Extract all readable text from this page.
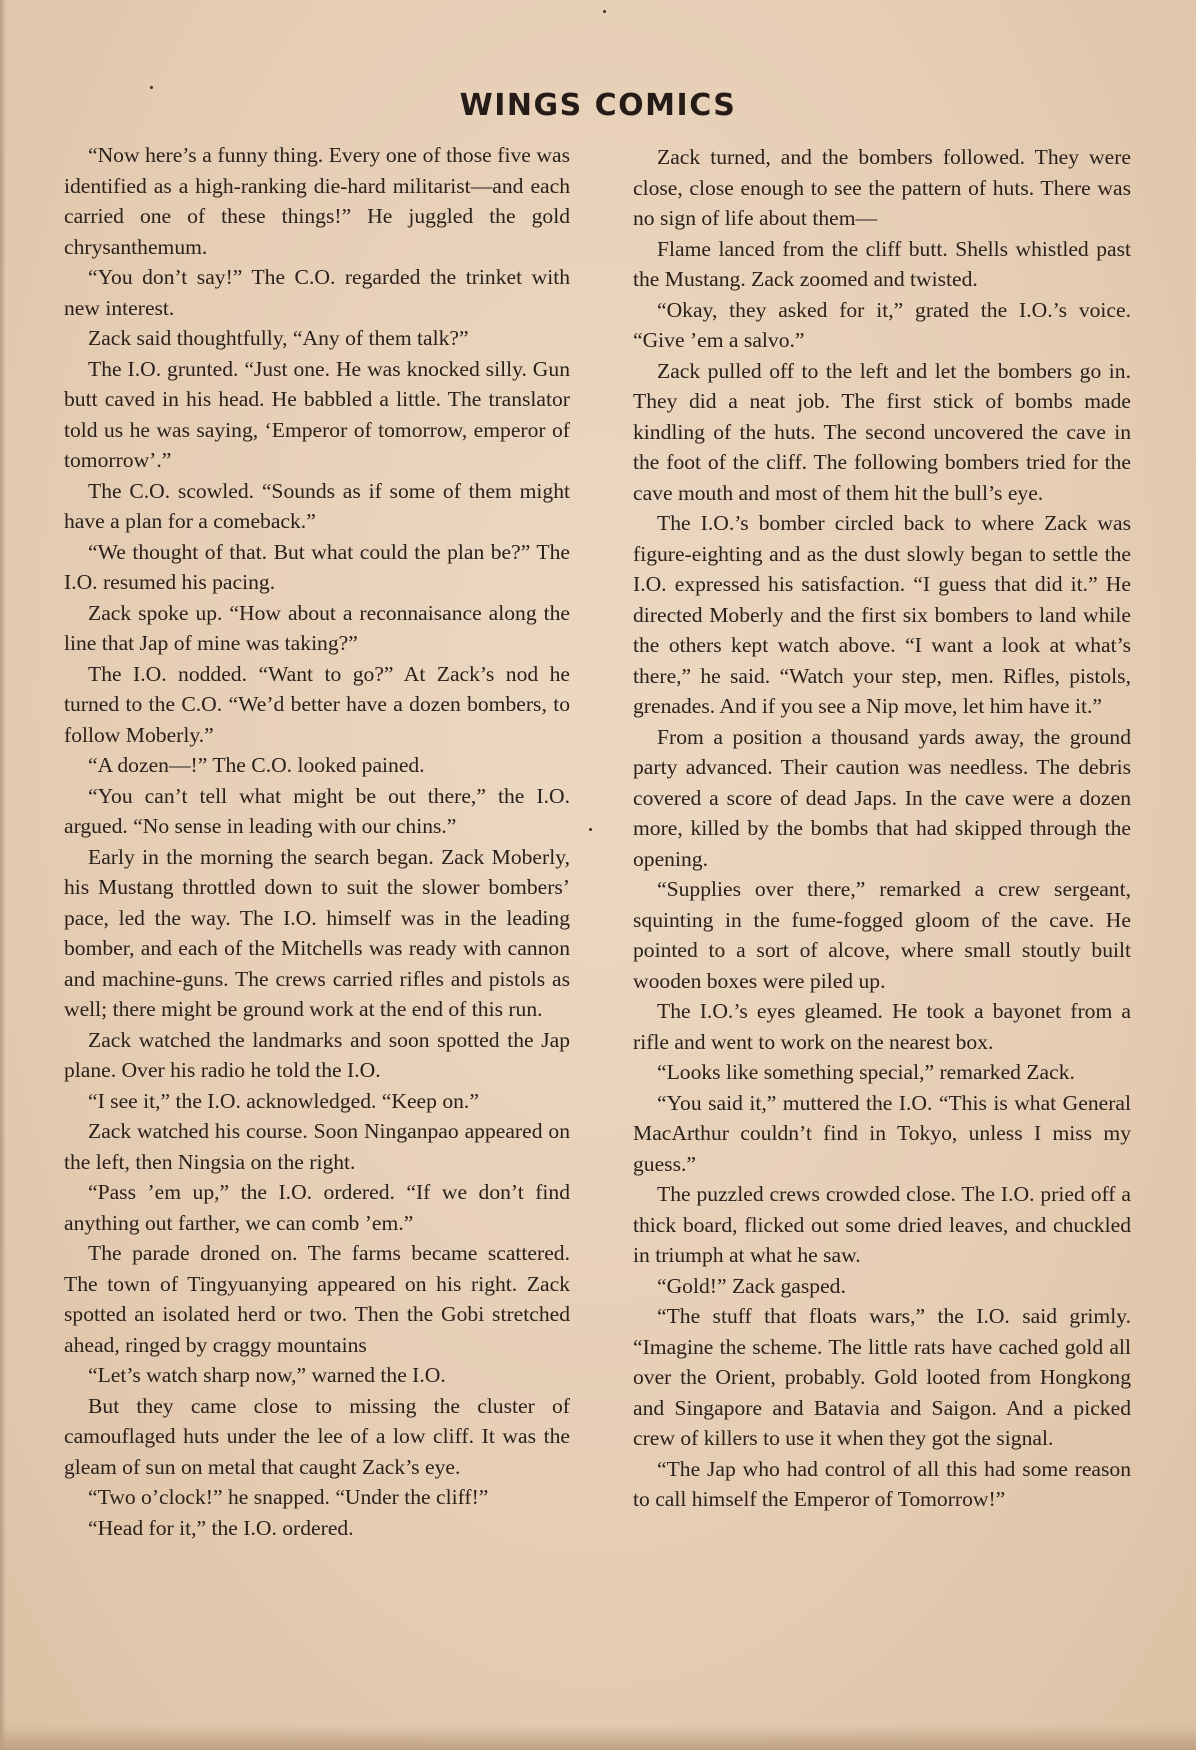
WINGS COMICS

“Now here’s a funny thing. Every one of those five was identified as a high-ranking die-hard militarist—and each carried one of these things!” He juggled the gold chrysanthemum.

“You don’t say!” The C.O. regarded the trinket with new interest.

Zack said thoughtfully, “Any of them talk?”

The I.O. grunted. “Just one. He was knocked silly. Gun butt caved in his head. He babbled a little. The translator told us he was saying, ‘Emperor of tomorrow, emperor of tomorrow’.”

The C.O. scowled. “Sounds as if some of them might have a plan for a comeback.”

“We thought of that. But what could the plan be?” The I.O. resumed his pacing.

Zack spoke up. “How about a reconnaisance along the line that Jap of mine was taking?”

The I.O. nodded. “Want to go?” At Zack’s nod he turned to the C.O. “We’d better have a dozen bombers, to follow Moberly.”

“A dozen—!” The C.O. looked pained.

“You can’t tell what might be out there,” the I.O. argued. “No sense in leading with our chins.”

Early in the morning the search began. Zack Moberly, his Mustang throttled down to suit the slower bombers’ pace, led the way. The I.O. himself was in the leading bomber, and each of the Mitchells was ready with cannon and machine-guns. The crews carried rifles and pistols as well; there might be ground work at the end of this run.

Zack watched the landmarks and soon spotted the Jap plane. Over his radio he told the I.O.

“I see it,” the I.O. acknowledged. “Keep on.”

Zack watched his course. Soon Ninganpao appeared on the left, then Ningsia on the right.

“Pass ’em up,” the I.O. ordered. “If we don’t find anything out farther, we can comb ’em.”

The parade droned on. The farms became scattered. The town of Tingyuanying appeared on his right. Zack spotted an isolated herd or two. Then the Gobi stretched ahead, ringed by craggy mountains

“Let’s watch sharp now,” warned the I.O.

But they came close to missing the cluster of camouflaged huts under the lee of a low cliff. It was the gleam of sun on metal that caught Zack’s eye.

“Two o’clock!” he snapped. “Under the cliff!”

“Head for it,” the I.O. ordered.

Zack turned, and the bombers followed. They were close, close enough to see the pattern of huts. There was no sign of life about them—

Flame lanced from the cliff butt. Shells whistled past the Mustang. Zack zoomed and twisted.

“Okay, they asked for it,” grated the I.O.’s voice. “Give ’em a salvo.”

Zack pulled off to the left and let the bombers go in. They did a neat job. The first stick of bombs made kindling of the huts. The second uncovered the cave in the foot of the cliff. The following bombers tried for the cave mouth and most of them hit the bull’s eye.

The I.O.’s bomber circled back to where Zack was figure-eighting and as the dust slowly began to settle the I.O. expressed his satisfaction. “I guess that did it.” He directed Moberly and the first six bombers to land while the others kept watch above. “I want a look at what’s there,” he said. “Watch your step, men. Rifles, pistols, grenades. And if you see a Nip move, let him have it.”

From a position a thousand yards away, the ground party advanced. Their caution was needless. The debris covered a score of dead Japs. In the cave were a dozen more, killed by the bombs that had skipped through the opening.

“Supplies over there,” remarked a crew sergeant, squinting in the fume-fogged gloom of the cave. He pointed to a sort of alcove, where small stoutly built wooden boxes were piled up.

The I.O.’s eyes gleamed. He took a bayonet from a rifle and went to work on the nearest box.

“Looks like something special,” remarked Zack.

“You said it,” muttered the I.O. “This is what General MacArthur couldn’t find in Tokyo, unless I miss my guess.”

The puzzled crews crowded close. The I.O. pried off a thick board, flicked out some dried leaves, and chuckled in triumph at what he saw.

“Gold!” Zack gasped.

“The stuff that floats wars,” the I.O. said grimly. “Imagine the scheme. The little rats have cached gold all over the Orient, probably. Gold looted from Hongkong and Singapore and Batavia and Saigon. And a picked crew of killers to use it when they got the signal.

“The Jap who had control of all this had some reason to call himself the Emperor of Tomorrow!”
